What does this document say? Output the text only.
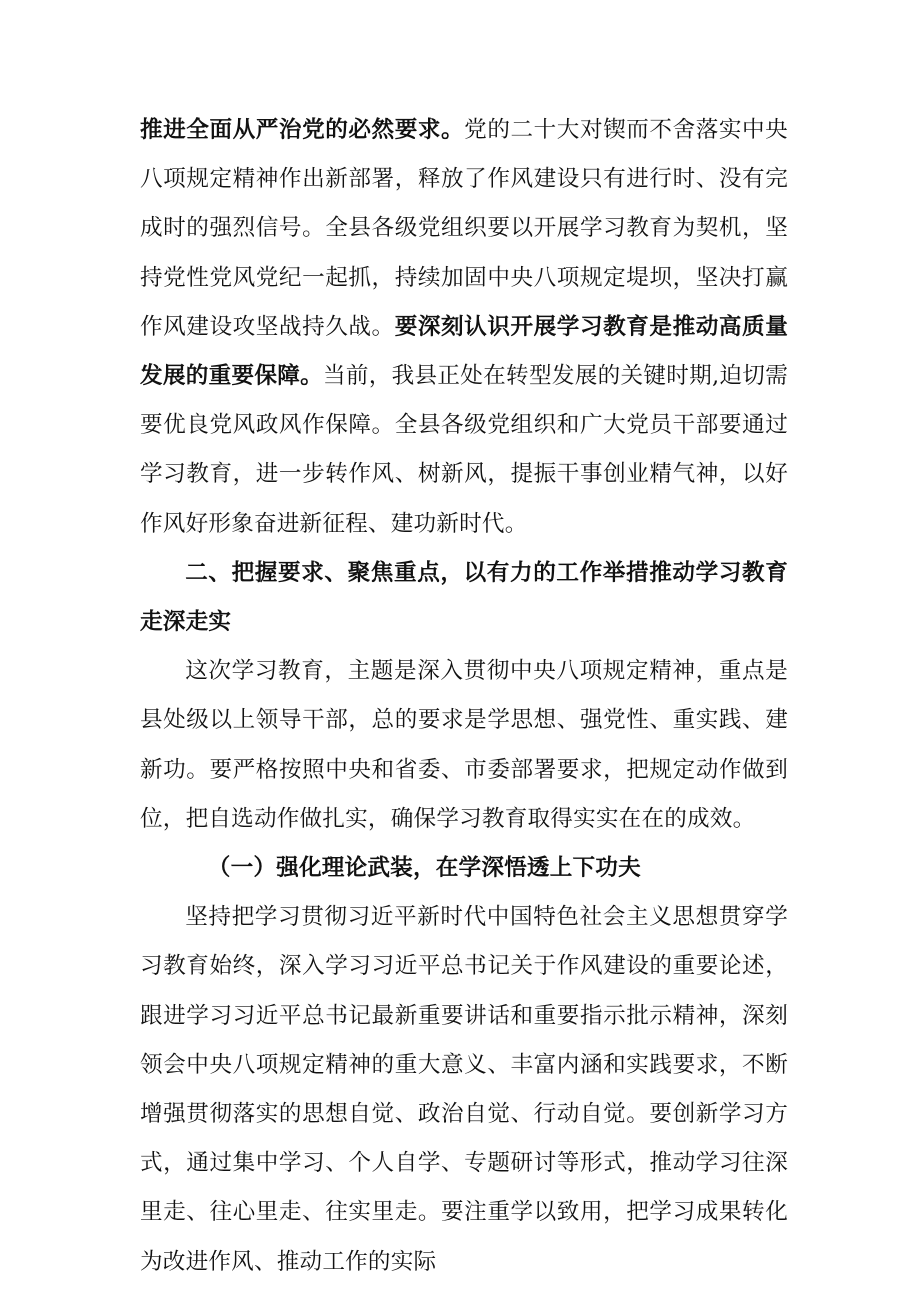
推进全面从严治党的必然要求。党的二十大对锲而不舍落实中央八项规定精神作出新部署，释放了作风建设只有进行时、没有完成时的强烈信号。全县各级党组织要以开展学习教育为契机，坚持党性党风党纪一起抓，持续加固中央八项规定堤坝，坚决打赢作风建设攻坚战持久战。要深刻认识开展学习教育是推动高质量发展的重要保障。当前，我县正处在转型发展的关键时期,迫切需要优良党风政风作保障。全县各级党组织和广大党员干部要通过学习教育，进一步转作风、树新风，提振干事创业精气神，以好作风好形象奋进新征程、建功新时代。

二、把握要求、聚焦重点，以有力的工作举措推动学习教育走深走实

这次学习教育，主题是深入贯彻中央八项规定精神，重点是县处级以上领导干部，总的要求是学思想、强党性、重实践、建新功。要严格按照中央和省委、市委部署要求，把规定动作做到位，把自选动作做扎实，确保学习教育取得实实在在的成效。

（一）强化理论武装，在学深悟透上下功夫

坚持把学习贯彻习近平新时代中国特色社会主义思想贯穿学习教育始终，深入学习习近平总书记关于作风建设的重要论述，跟进学习习近平总书记最新重要讲话和重要指示批示精神，深刻领会中央八项规定精神的重大意义、丰富内涵和实践要求，不断增强贯彻落实的思想自觉、政治自觉、行动自觉。要创新学习方式，通过集中学习、个人自学、专题研讨等形式，推动学习往深里走、往心里走、往实里走。要注重学以致用，把学习成果转化为改进作风、推动工作的实际
